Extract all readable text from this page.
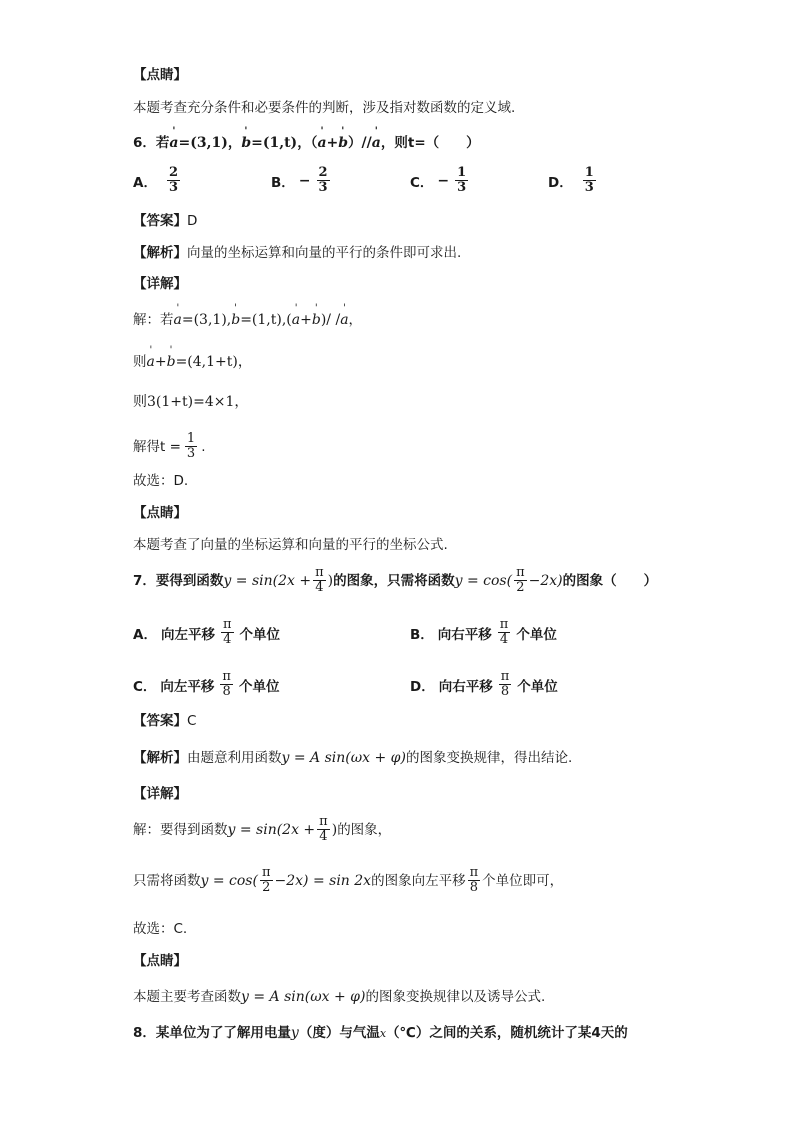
【点睛】
本题考查充分条件和必要条件的判断，涉及指对数函数的定义域.
6．若' a=(3,1)，' b=(1,t)，（' a+' b）//' a，则t=（　　）
A． $\frac{2}{3}$	B． − $\frac{2}{3}$	C． − $\frac{1}{3}$	D． $\frac{1}{3}$
【答案】D
【解析】向量的坐标运算和向量的平行的条件即可求出.
【详解】
解：若' a=(3,1),' b=(1,t),(' a+' b)/ /' a，
则' a+' b=(4,1+t)，
则3(1+t)=4×1，
解得$t = \frac{1}{3}$ .
故选：D.
【点睛】
本题考查了向量的坐标运算和向量的平行的坐标公式.
7．要得到函数 $y = \sin(2x + \frac{\pi}{4}$ ) 的图象，只需将函数 $y = \cos( \frac{\pi}{2} -2x)$ 的图象（　　）
A． 向左平移 $\frac{\pi}{4}$ 个单位	B． 向右平移 $\frac{\pi}{4}$ 个单位
C． 向左平移 $\frac{\pi}{8}$ 个单位	D． 向右平移 $\frac{\pi}{8}$ 个单位
【答案】C
【解析】由题意利用函数y = A sin(ωx + φ)的图象变换规律，得出结论.
【详解】
解：要得到函数 $y = \sin(2x + \frac{\pi}{4}$ ) 的图象，
只需将函数 $y = \cos( \frac{\pi}{2} -2x) = \sin 2x$ 的图象向左平移 $\frac{\pi}{8}$ 个单位即可，
故选：C.
【点睛】
本题主要考查函数y = A sin(ωx + φ)的图象变换规律以及诱导公式.
8．某单位为了了解用电量y（度）与气温x（℃）之间的关系，随机统计了某4天的
